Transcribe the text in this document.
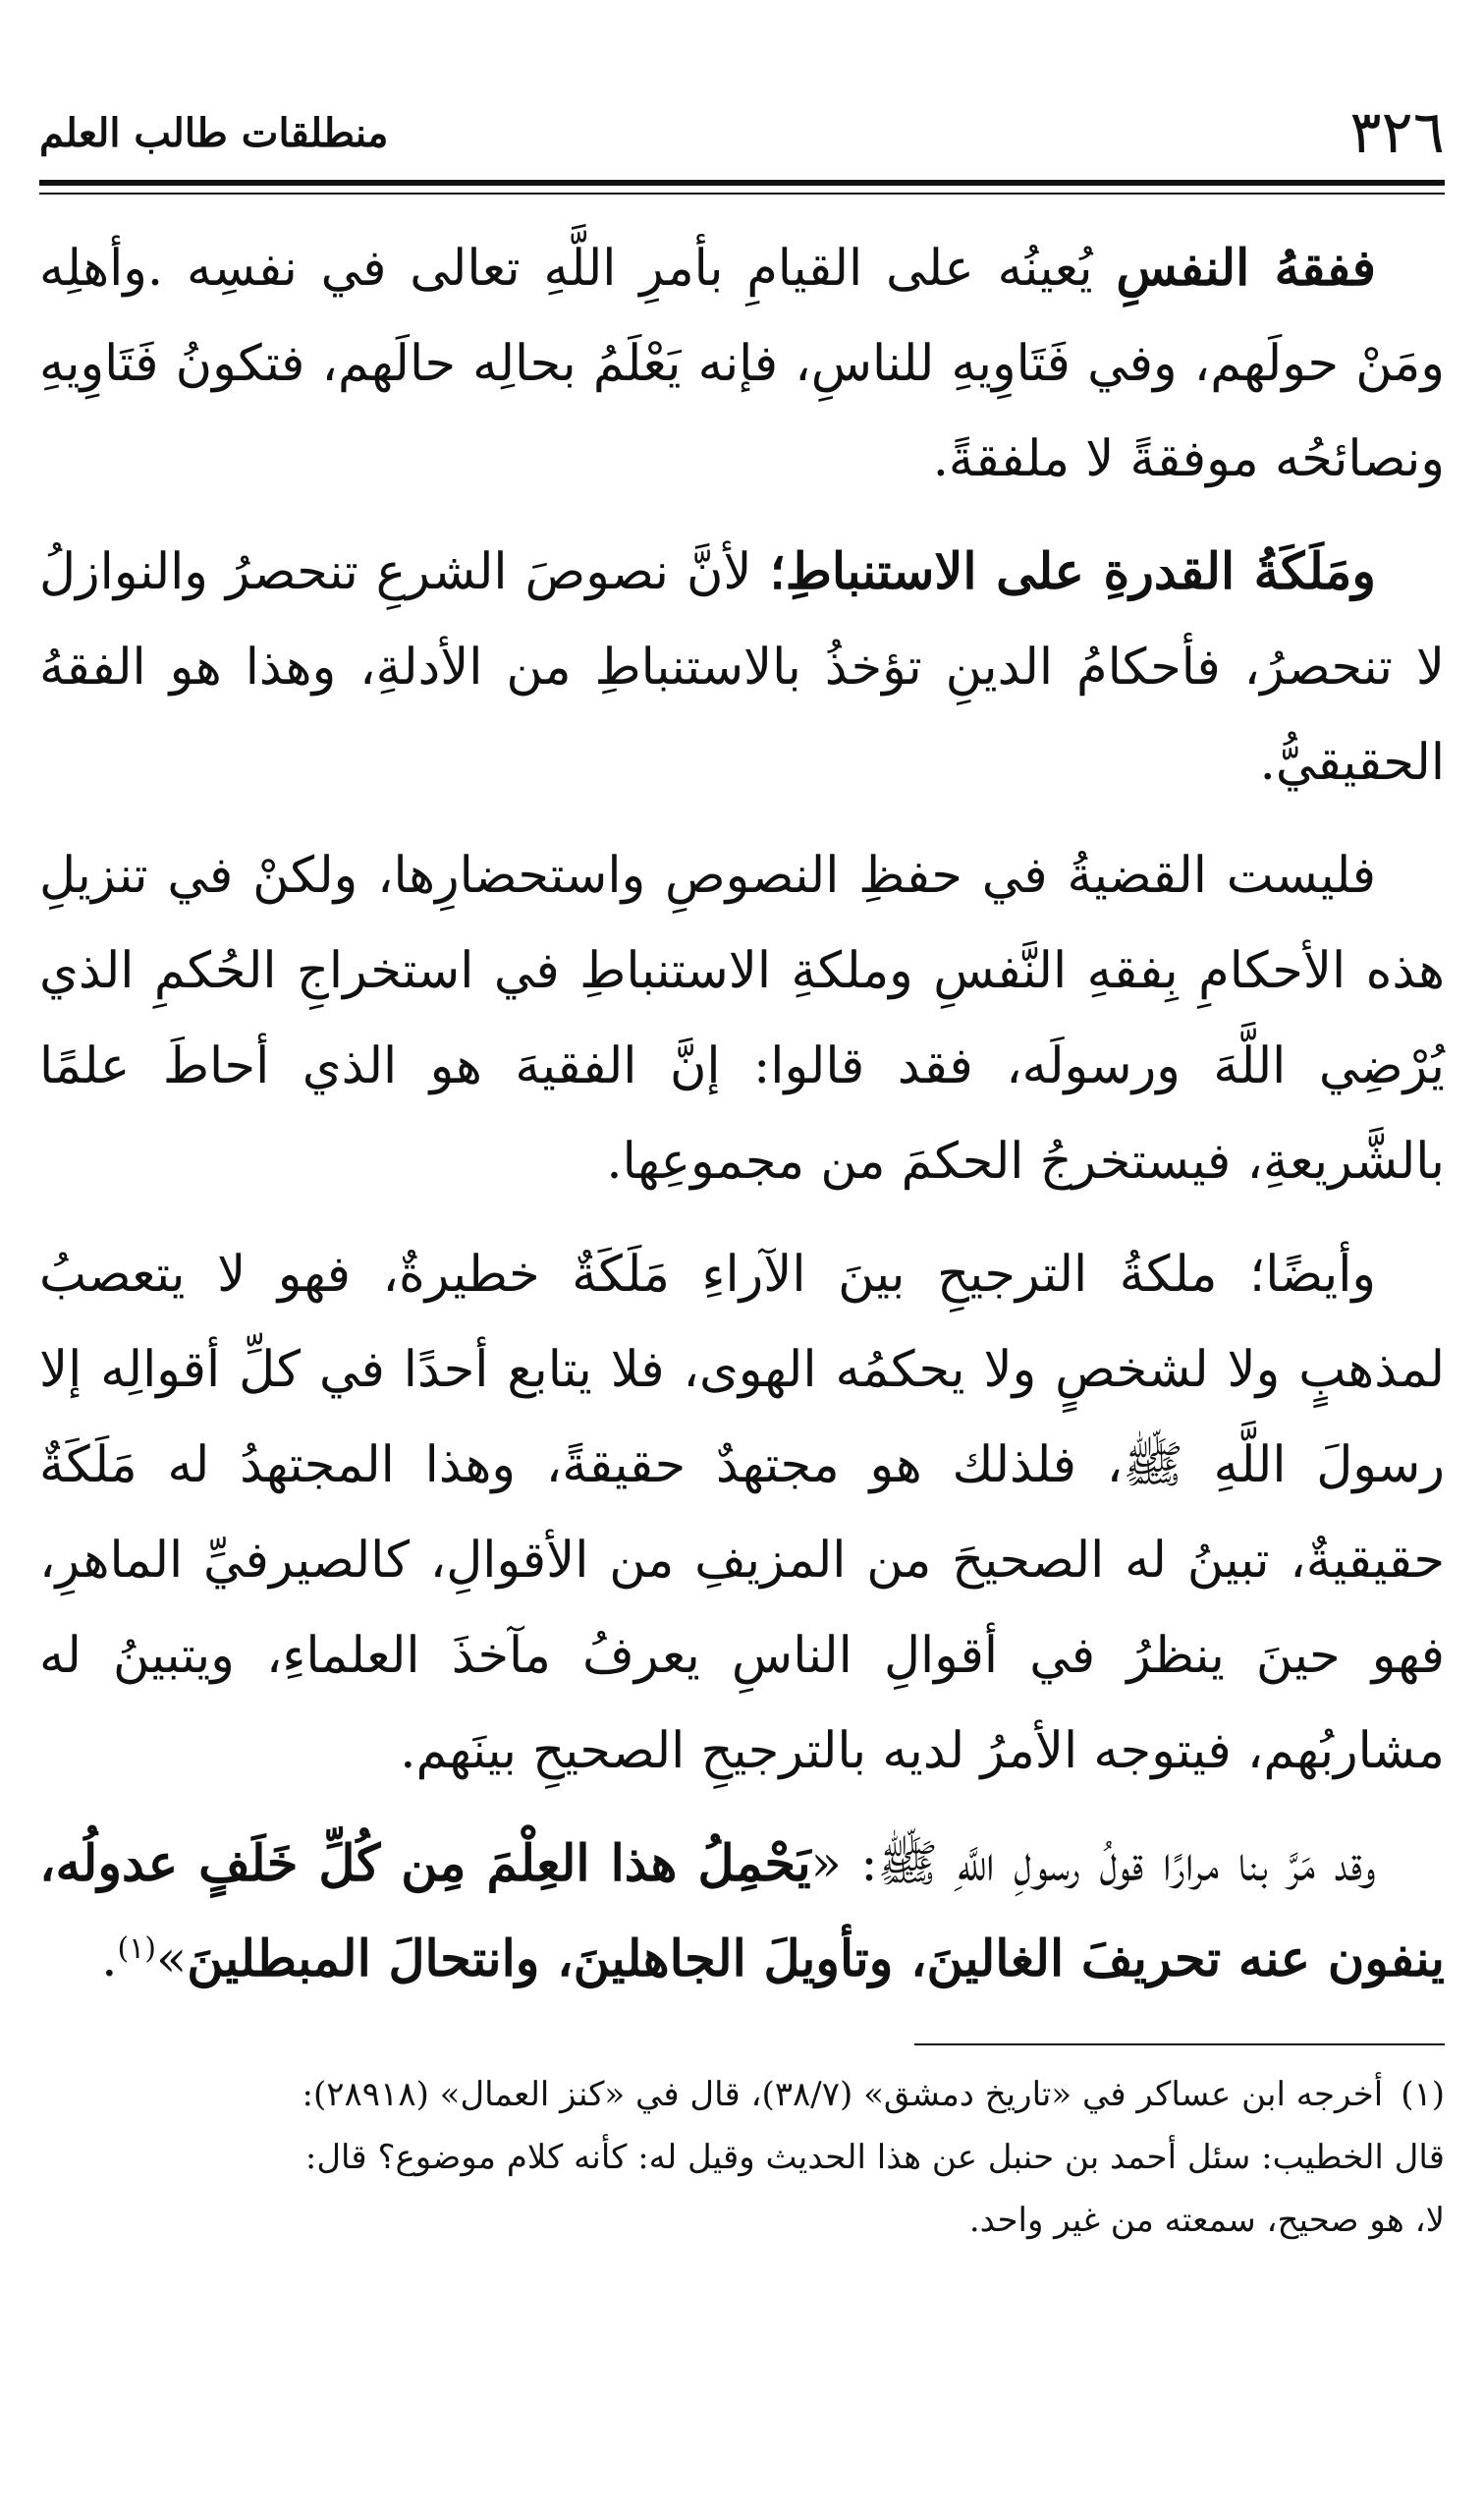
٣٢٦
منطلقات طالب العلم

ففقهُ النفسِ يُعينُه على القيامِ بأمرِ اللَّهِ تعالى في نفسِه .وأهلِه ومَنْ حولَهم، وفي فَتَاوِيهِ للناسِ، فإنه يَعْلَمُ بحالِه حالَهم، فتكونُ فَتَاوِيهِ ونصائحُه موفقةً لا ملفقةً.

ومَلَكَةُ القدرةِ على الاستنباطِ؛ لأنَّ نصوصَ الشرعِ تنحصرُ والنوازلُ لا تنحصرُ، فأحكامُ الدينِ تؤخذُ بالاستنباطِ من الأدلةِ، وهذا هو الفقهُ الحقيقيُّ.

فليست القضيةُ في حفظِ النصوصِ واستحضارِها، ولكنْ في تنزيلِ هذه الأحكامِ بِفقهِ النَّفسِ وملكةِ الاستنباطِ في استخراجِ الحُكمِ الذي يُرْضِي اللَّهَ ورسولَه، فقد قالوا: إنَّ الفقيهَ هو الذي أحاطَ علمًا بالشَّريعةِ، فيستخرجُ الحكمَ من مجموعِها.

وأيضًا؛ ملكةُ الترجيحِ بينَ الآراءِ مَلَكَةٌ خطيرةٌ، فهو لا يتعصبُ لمذهبٍ ولا لشخصٍ ولا يحكمُه الهوى، فلا يتابع أحدًا في كلِّ أقوالِه إلا رسولَ اللَّهِ ﷺ، فلذلك هو مجتهدٌ حقيقةً، وهذا المجتهدُ له مَلَكَةٌ حقيقيةٌ، تبينُ له الصحيحَ من المزيفِ من الأقوالِ، كالصيرفيِّ الماهرِ، فهو حينَ ينظرُ في أقوالِ الناسِ يعرفُ مآخذَ العلماءِ، ويتبينُ له مشاربُهم، فيتوجه الأمرُ لديه بالترجيحِ الصحيحِ بينَهم.

وقد مَرَّ بنا مرارًا قولُ رسولِ اللَّهِ ﷺ: «يَحْمِلُ هذا العِلْمَ مِن كُلِّ خَلَفٍ عدولُه، ينفون عنه تحريفَ الغالينَ، وتأويلَ الجاهلينَ، وانتحالَ المبطلينَ»$^{(١)}$.

(١)أخرجه ابن عساكر في «تاريخ دمشق» (٣٨/٧)، قال في «كنز العمال» (٢٨٩١٨):

قال الخطيب: سئل أحمد بن حنبل عن هذا الحديث وقيل له: كأنه كلام موضوع؟ قال:

لا، هو صحيح، سمعته من غير واحد.
